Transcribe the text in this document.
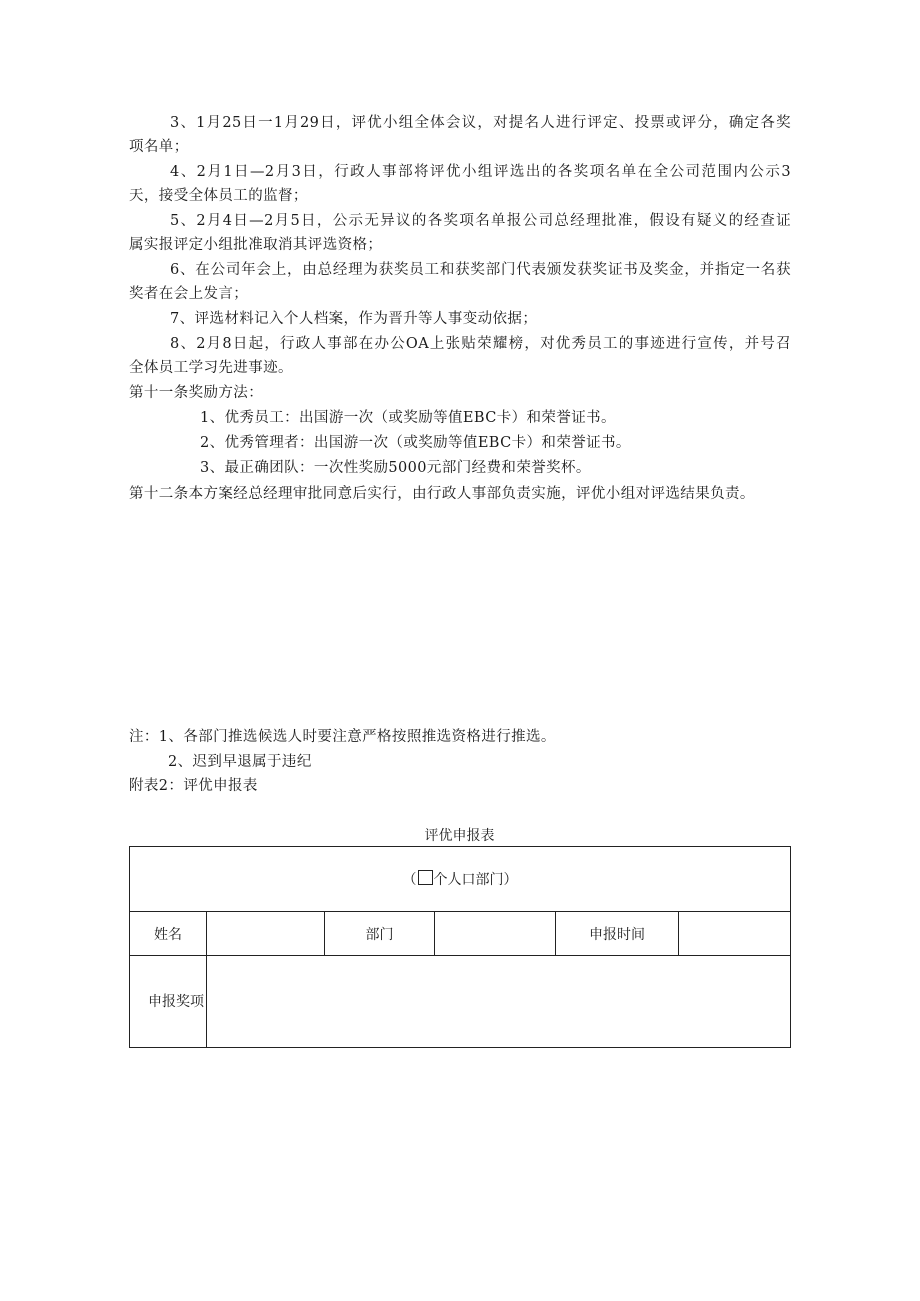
3、1月25日一1月29日，评优小组全体会议，对提名人进行评定、投票或评分，确定各奖
项名单；
4、2月1日—2月3日，行政人事部将评优小组评选出的各奖项名单在全公司范围内公示3
天，接受全体员工的监督；
5、2月4日—2月5日，公示无异议的各奖项名单报公司总经理批准，假设有疑义的经查证
属实报评定小组批准取消其评选资格；
6、在公司年会上，由总经理为获奖员工和获奖部门代表颁发获奖证书及奖金，并指定一名获
奖者在会上发言；
7、评选材料记入个人档案，作为晋升等人事变动依据；
8、2月8日起，行政人事部在办公OA上张贴荣耀榜，对优秀员工的事迹进行宣传，并号召
全体员工学习先进事迹。
第十一条奖励方法：
1、优秀员工：出国游一次（或奖励等值EBC卡）和荣誉证书。
2、优秀管理者：出国游一次（或奖励等值EBC卡）和荣誉证书。
3、最正确团队：一次性奖励5000元部门经费和荣誉奖杯。
第十二条本方案经总经理审批同意后实行，由行政人事部负责实施，评优小组对评选结果负责。
注：1、各部门推选候选人时要注意严格按照推选资格进行推选。
2、迟到早退属于违纪
附表2：评优申报表
评优申报表
（ 个人口部门）					
姓名		部门		申报时间	
申报奖项					
